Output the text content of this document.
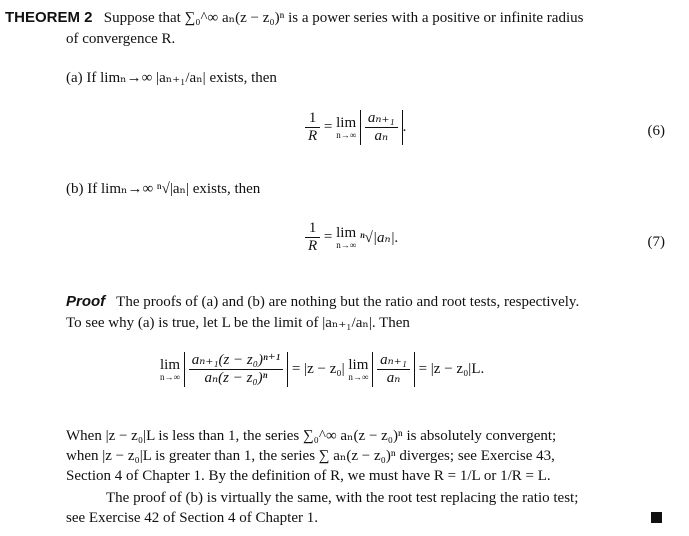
THEOREM 2 Suppose that ∑₀^∞ aₙ(z − z₀)ⁿ is a power series with a positive or infinite radius
of convergence R.
(a) If limₙ→∞ |aₙ₊₁/aₙ| exists, then
$\frac{1}{R} = \lim$
n→∞
$\frac{\text{aₙ₊₁}}{\text{aₙ}}$ .	(6)
(b) If limₙ→∞ ⁿ√|aₙ| exists, then
$\frac{1}{R} = \lim$
n→∞ ⁿ√|aₙ|.	(7)
Proof The proofs of (a) and (b) are nothing but the ratio and root tests, respectively.
To see why (a) is true, let L be the limit of |aₙ₊₁/aₙ|. Then
lim
n→∞
$\frac{\text{aₙ₊₁(z − z₀)ⁿ⁺¹}}{\text{aₙ(z − z₀)ⁿ}} = |z - z_0|$ lim
n→∞
$\frac{\text{aₙ₊₁}}{\text{aₙ}} = |z - z_0|L$.
When |z − z₀|L is less than 1, the series ∑₀^∞ aₙ(z − z₀)ⁿ is absolutely convergent;
when |z − z₀|L is greater than 1, the series ∑ aₙ(z − z₀)ⁿ diverges; see Exercise 43,
Section 4 of Chapter 1. By the definition of R, we must have R = 1/L or 1/R = L.
The proof of (b) is virtually the same, with the root test replacing the ratio test;
see Exercise 42 of Section 4 of Chapter 1.
